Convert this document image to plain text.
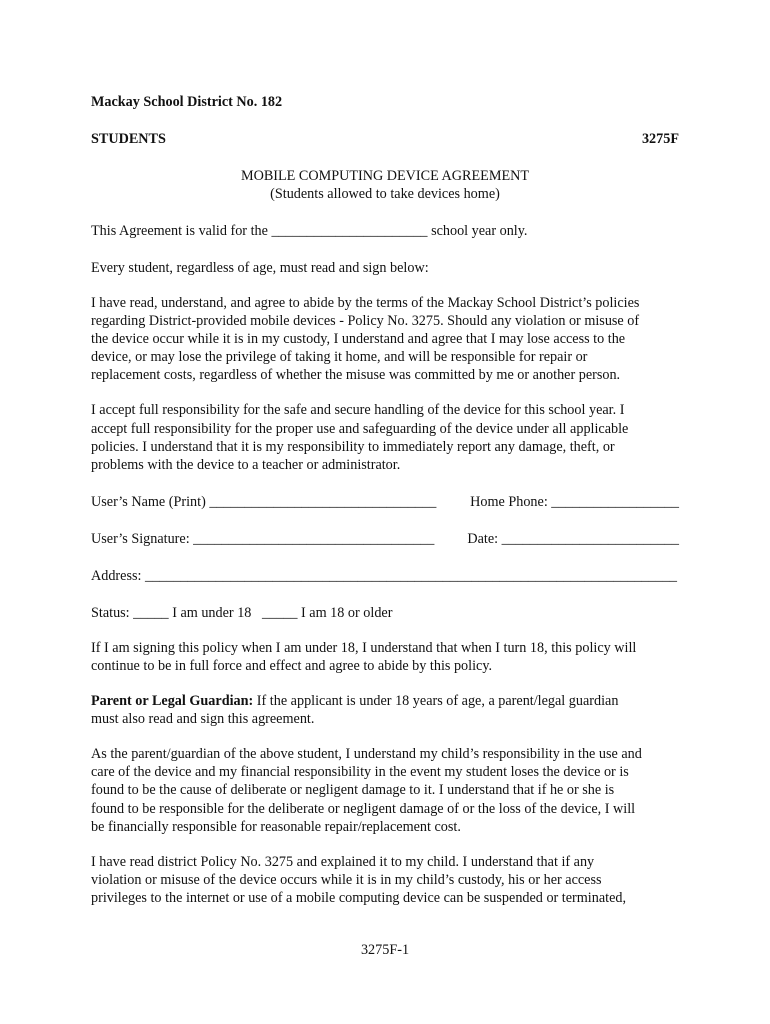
Mackay School District No. 182
STUDENTS	3275F
MOBILE COMPUTING DEVICE AGREEMENT
(Students allowed to take devices home)
This Agreement is valid for the ______________________ school year only.
Every student, regardless of age, must read and sign below:

I have read, understand, and agree to abide by the terms of the Mackay School District’s policies

regarding District-provided mobile devices - Policy No. 3275. Should any violation or misuse of

the device occur while it is in my custody, I understand and agree that I may lose access to the

device, or may lose the privilege of taking it home, and will be responsible for repair or

replacement costs, regardless of whether the misuse was committed by me or another person.

I accept full responsibility for the safe and secure handling of the device for this school year. I

accept full responsibility for the proper use and safeguarding of the device under all applicable

policies. I understand that it is my responsibility to immediately report any damage, theft, or

problems with the device to a teacher or administrator.

User’s Name (Print) ________________________________ Home Phone: __________________
User’s Signature: __________________________________ Date: _________________________
Address: ___________________________________________________________________________
Status: _____ I am under 18   _____ I am 18 or older

If I am signing this policy when I am under 18, I understand that when I turn 18, this policy will

continue to be in full force and effect and agree to abide by this policy.

Parent or Legal Guardian: If the applicant is under 18 years of age, a parent/legal guardian

must also read and sign this agreement.

As the parent/guardian of the above student, I understand my child’s responsibility in the use and

care of the device and my financial responsibility in the event my student loses the device or is

found to be the cause of deliberate or negligent damage to it. I understand that if he or she is

found to be responsible for the deliberate or negligent damage of or the loss of the device, I will

be financially responsible for reasonable repair/replacement cost.

I have read district Policy No. 3275 and explained it to my child. I understand that if any

violation or misuse of the device occurs while it is in my child’s custody, his or her access

privileges to the internet or use of a mobile computing device can be suspended or terminated,

3275F-1
